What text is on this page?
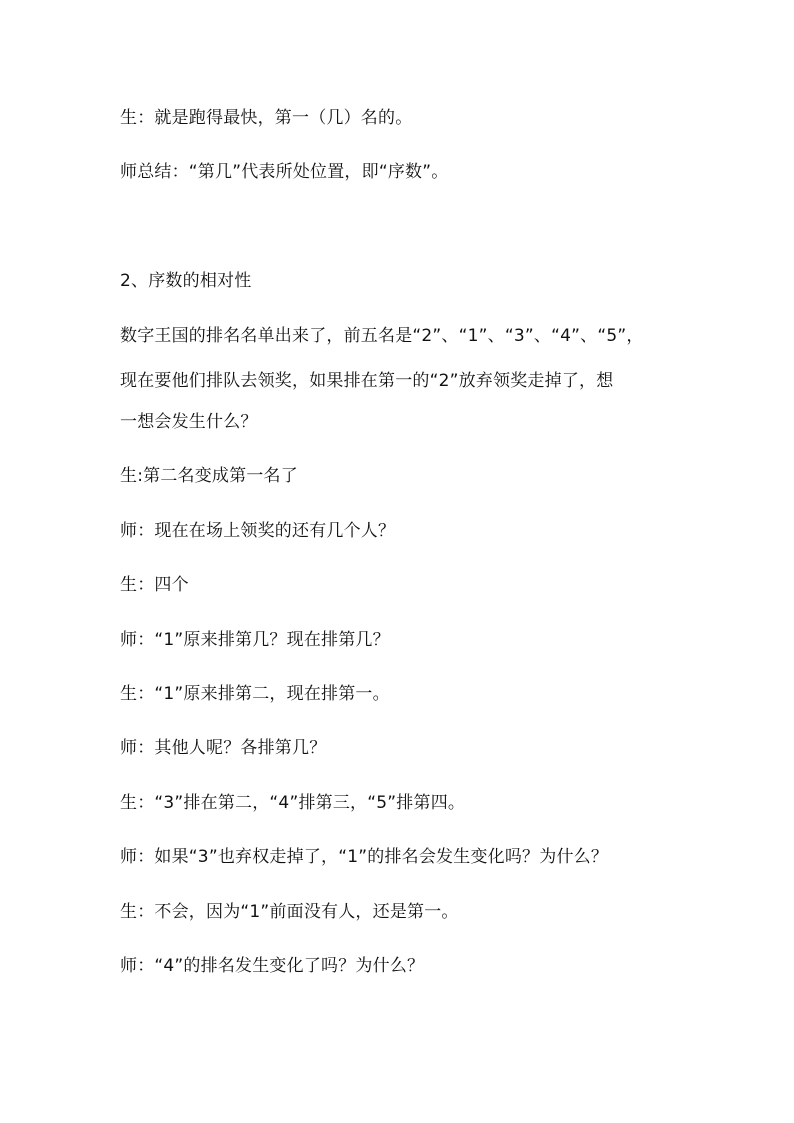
生：就是跑得最快，第一（几）名的。
师总结：“第几”代表所处位置，即“序数”。
2、序数的相对性
数字王国的排名名单出来了，前五名是“2”、“1”、“3”、“4”、“5”，
现在要他们排队去领奖，如果排在第一的“2”放弃领奖走掉了，想
一想会发生什么？
生:第二名变成第一名了
师：现在在场上领奖的还有几个人？
生：四个
师：“1”原来排第几？现在排第几？
生：“1”原来排第二，现在排第一。
师：其他人呢？各排第几？
生：“3”排在第二，“4”排第三，“5”排第四。
师：如果“3”也弃权走掉了，“1”的排名会发生变化吗？为什么？
生：不会，因为“1”前面没有人，还是第一。
师：“4”的排名发生变化了吗？为什么？
